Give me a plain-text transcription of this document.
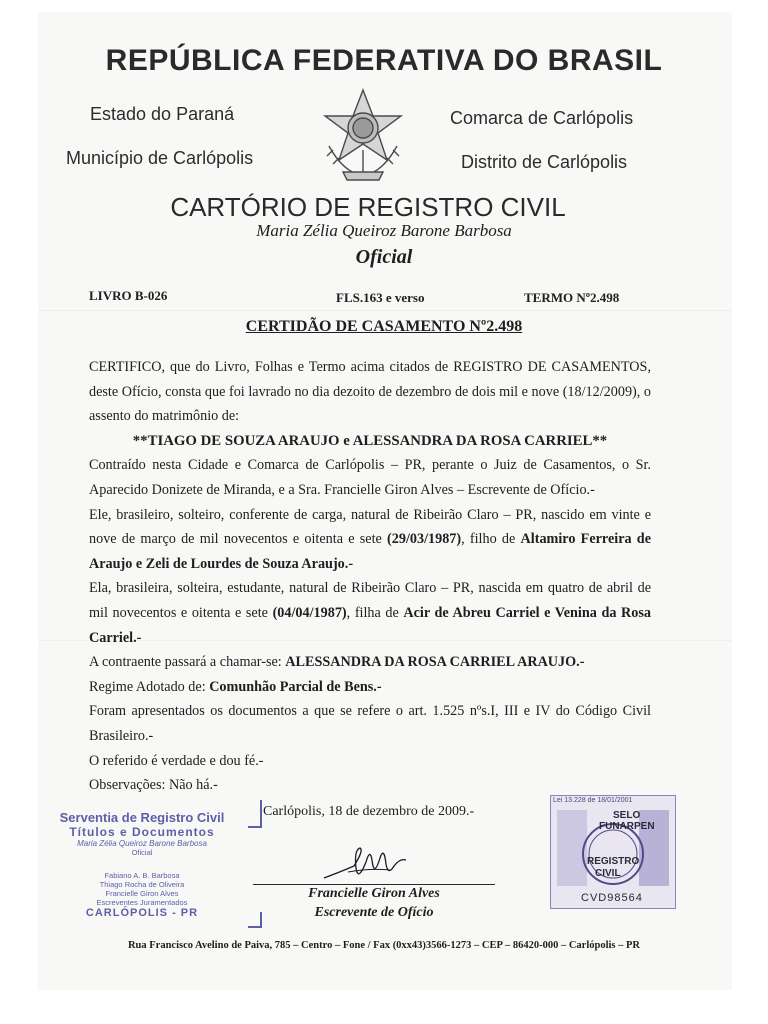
REPÚBLICA FEDERATIVA DO BRASIL
Estado do Paraná
Município de Carlópolis
Comarca de Carlópolis
Distrito de Carlópolis
CARTÓRIO DE REGISTRO CIVIL
Maria Zélia Queiroz Barone Barbosa
Oficial
LIVRO B-026	FLS.163 e verso	TERMO Nº2.498
CERTIDÃO DE CASAMENTO Nº2.498

CERTIFICO, que do Livro, Folhas e Termo acima citados de REGISTRO DE CASAMENTOS, deste Ofício, consta que foi lavrado no dia dezoito de dezembro de dois mil e nove (18/12/2009), o assento do matrimônio de:

**TIAGO DE SOUZA ARAUJO e ALESSANDRA DA ROSA CARRIEL**

Contraído nesta Cidade e Comarca de Carlópolis – PR, perante o Juiz de Casamentos, o Sr. Aparecido Donizete de Miranda, e a Sra. Francielle Giron Alves – Escrevente de Ofício.-

Ele, brasileiro, solteiro, conferente de carga, natural de Ribeirão Claro – PR, nascido em vinte e nove de março de mil novecentos e oitenta e sete (29/03/1987), filho de Altamiro Ferreira de Araujo e Zeli de Lourdes de Souza Araujo.-

Ela, brasileira, solteira, estudante, natural de Ribeirão Claro – PR, nascida em quatro de abril de mil novecentos e oitenta e sete (04/04/1987), filha de Acir de Abreu Carriel e Venina da Rosa Carriel.-

A contraente passará a chamar-se: ALESSANDRA DA ROSA CARRIEL ARAUJO.-

Regime Adotado de: Comunhão Parcial de Bens.-

Foram apresentados os documentos a que se refere o art. 1.525 nºs.I, III e IV do Código Civil Brasileiro.-

O referido é verdade e dou fé.-

Observações: Não há.-

Carlópolis, 18 de dezembro de 2009.-
Serventia de Registro Civil
Títulos e Documentos
Maria Zélia Queiroz Barone Barbosa
Oficial
Fabiano A. B. Barbosa
Thiago Rocha de Oliveira
Francielle Giron Alves
Escreventes Juramentados
CARLÓPOLIS - PR
Francielle Giron Alves
Escrevente de Ofício
Lei 13.228 de 18/01/2001
SELO
FUNARPEN
REGISTRO
CIVIL
CVD98564
Rua Francisco Avelino de Paiva, 785 – Centro – Fone / Fax (0xx43)3566-1273 – CEP – 86420-000 – Carlópolis – PR
